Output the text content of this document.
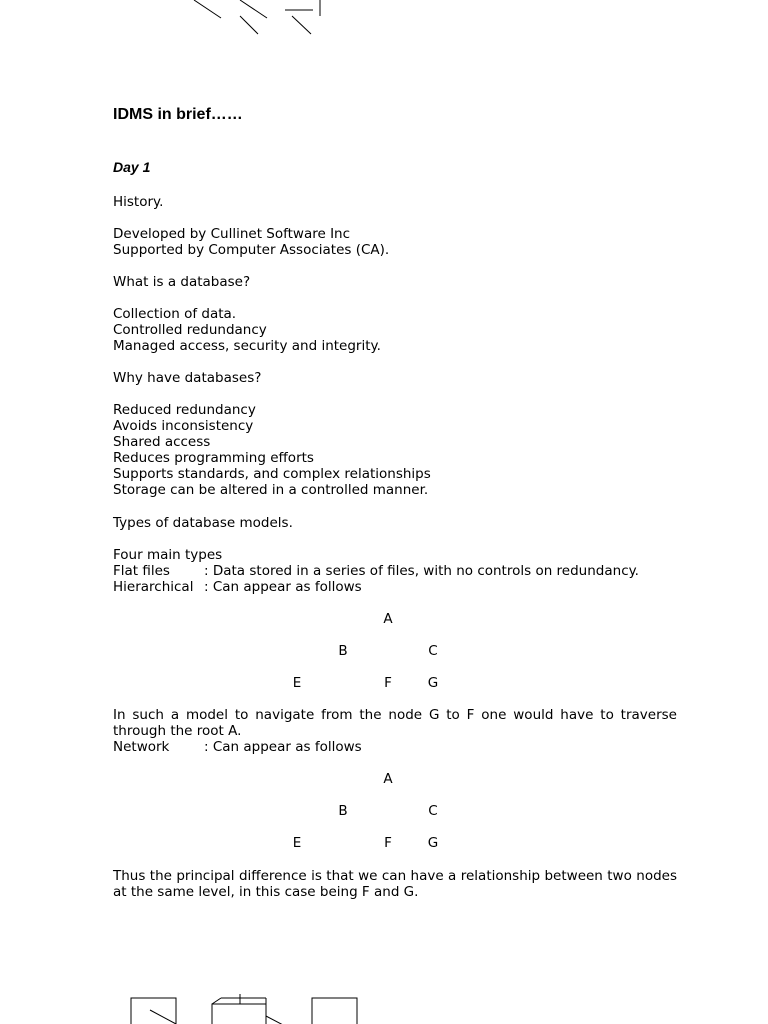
IDMS in brief……
Day 1

History.

Developed by Cullinet Software Inc

Supported by Computer Associates (CA).

What is a database?

Collection of data.

Controlled redundancy

Managed access, security and integrity.

Why have databases?

Reduced redundancy

Avoids inconsistency

Shared access

Reduces programming efforts

Supports standards, and complex relationships

Storage can be altered in a controlled manner.

Types of database models.

Four main types

Flat files	: Data stored in a series of files, with no controls on redundancy.

Hierarchical : Can appear as follows

A
B	C
E	F	G

In such a model to navigate from the node G to F one would have to traverse through the root A.

Network	: Can appear as follows

A
B	C
E	F	G

Thus the principal difference is that we can have a relationship between two nodes at the same level, in this case being F and G.
